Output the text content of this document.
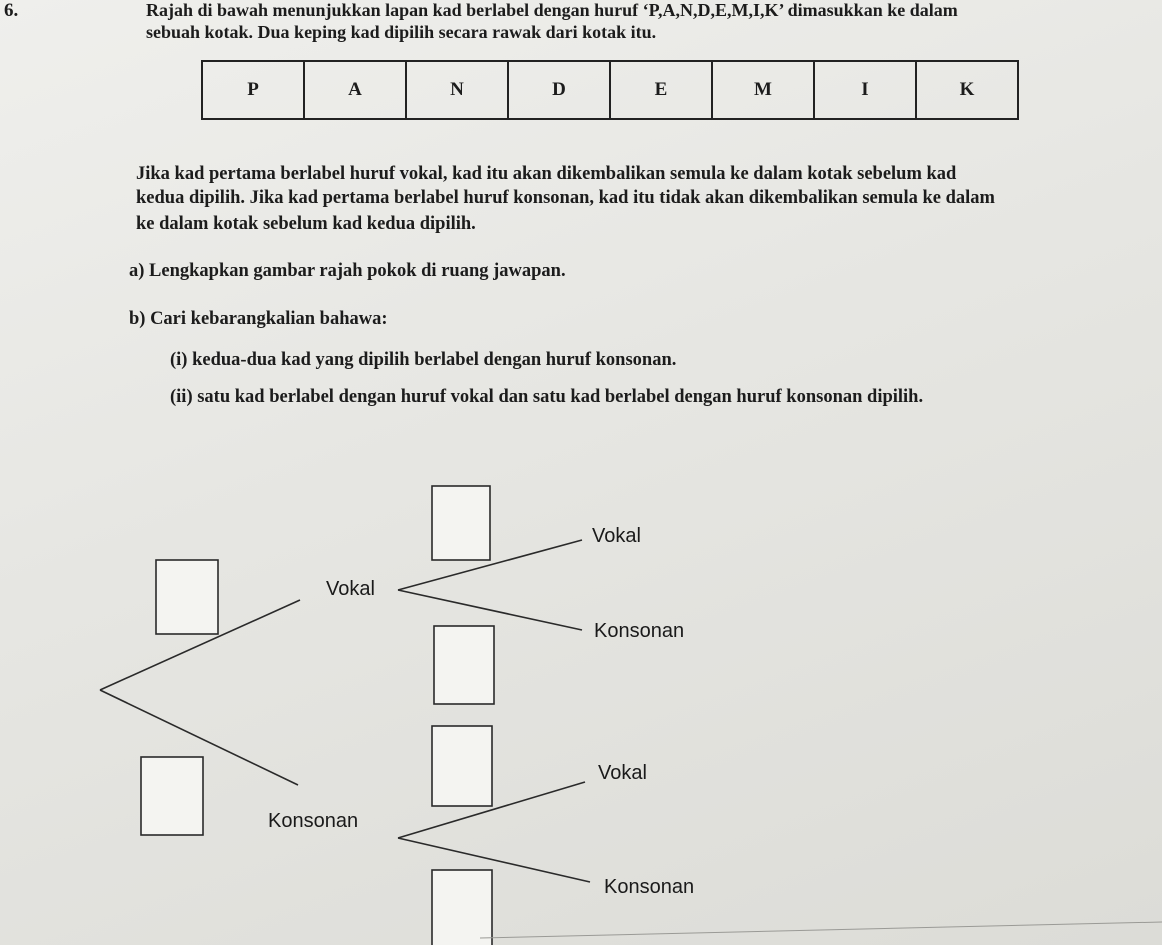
6.	Rajah di bawah menunjukkan lapan kad berlabel dengan huruf ‘P,A,N,D,E,M,I,K’ dimasukkan ke dalam
sebuah kotak. Dua keping kad dipilih secara rawak dari kotak itu.
P	A	N	D	E	M	I	K
Jika kad pertama berlabel huruf vokal, kad itu akan dikembalikan semula ke dalam kotak sebelum kad
kedua dipilih. Jika kad pertama berlabel huruf konsonan, kad itu tidak akan dikembalikan semula ke dalam
ke dalam kotak sebelum kad kedua dipilih.
a) Lengkapkan gambar rajah pokok di ruang jawapan.
b) Cari kebarangkalian bahawa:
(i) kedua-dua kad yang dipilih berlabel dengan huruf konsonan.
(ii) satu kad berlabel dengan huruf vokal dan satu kad berlabel dengan huruf konsonan dipilih.
Vokal
Konsonan
Vokal
Konsonan
Vokal
Konsonan
